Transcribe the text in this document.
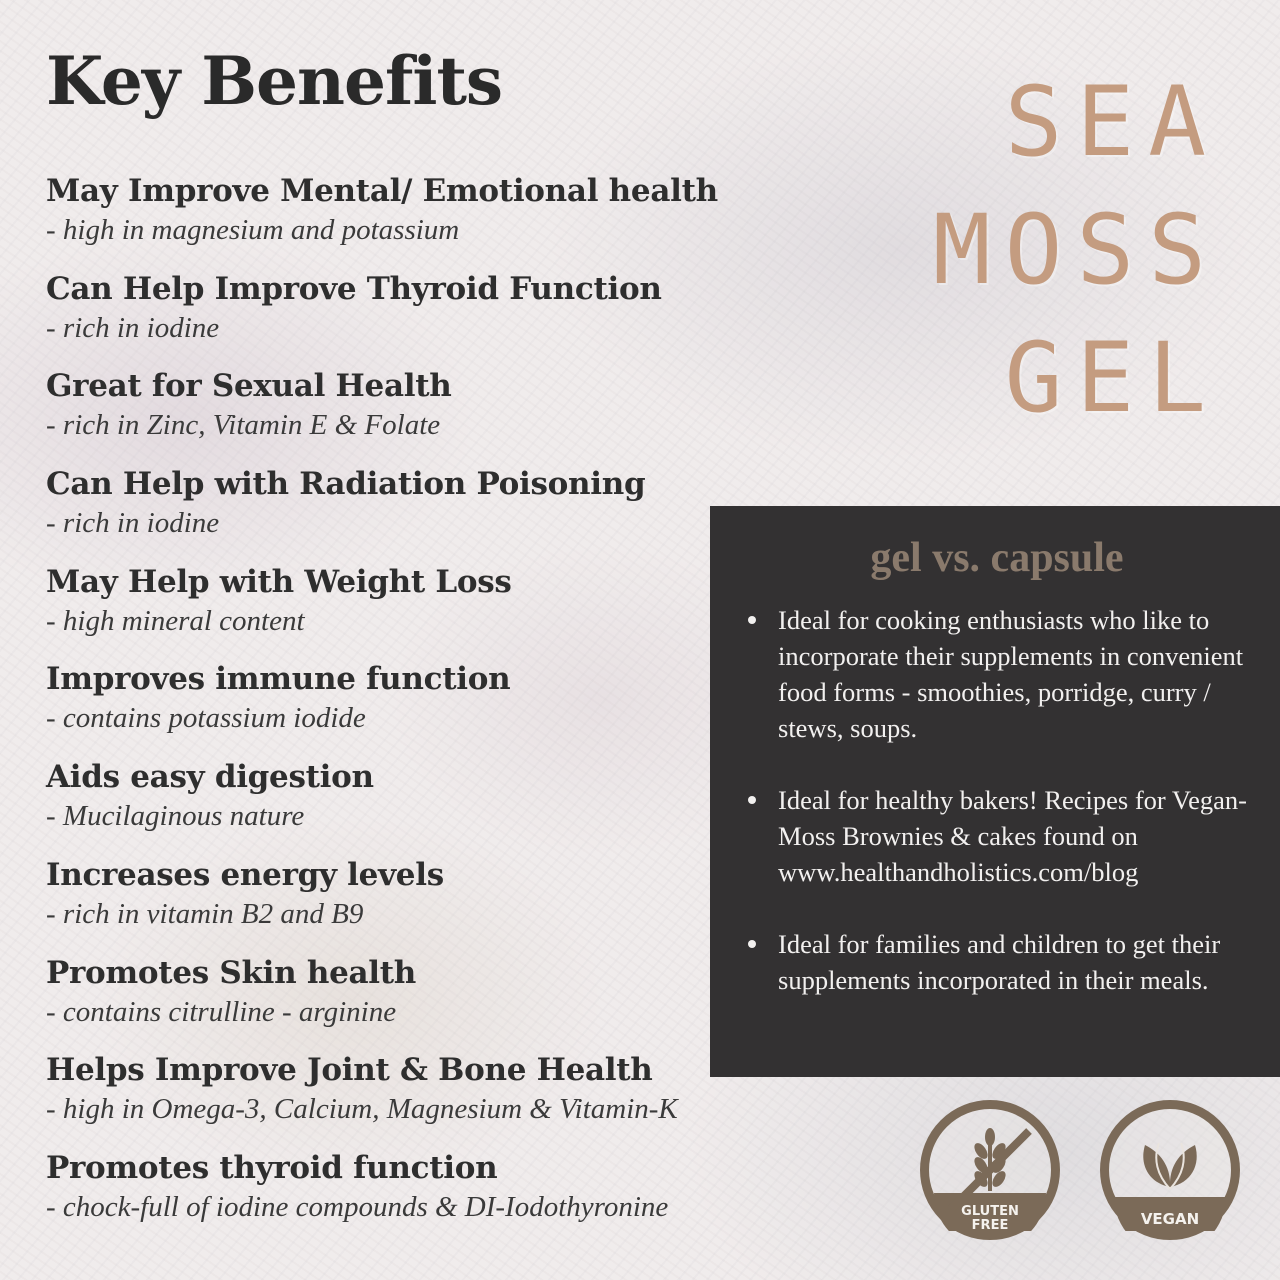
Key Benefits
May Improve Mental/ Emotional health
- high in magnesium and potassium
Can Help Improve Thyroid Function
- rich in iodine
Great for Sexual Health
- rich in Zinc, Vitamin E & Folate
Can Help with Radiation Poisoning
- rich in iodine
May Help with Weight Loss
- high mineral content
Improves immune function
- contains potassium iodide
Aids easy digestion
- Mucilaginous nature
Increases energy levels
- rich in vitamin B2 and B9
Promotes Skin health
- contains citrulline - arginine
Helps Improve Joint & Bone Health
- high in Omega-3, Calcium, Magnesium & Vitamin-K
Promotes thyroid function
- chock-full of iodine compounds & DI-Iodothyronine
SEA
MOSS
GEL
gel vs. capsule
Ideal for cooking enthusiasts who like to incorporate their supplements in convenient food forms - smoothies, porridge, curry / stews, soups.
Ideal for healthy bakers! Recipes for Vegan-Moss Brownies & cakes found on www.healthandholistics.com/blog
Ideal for families and children to get their supplements incorporated in their meals.
GLUTEN
FREE	VEGAN
